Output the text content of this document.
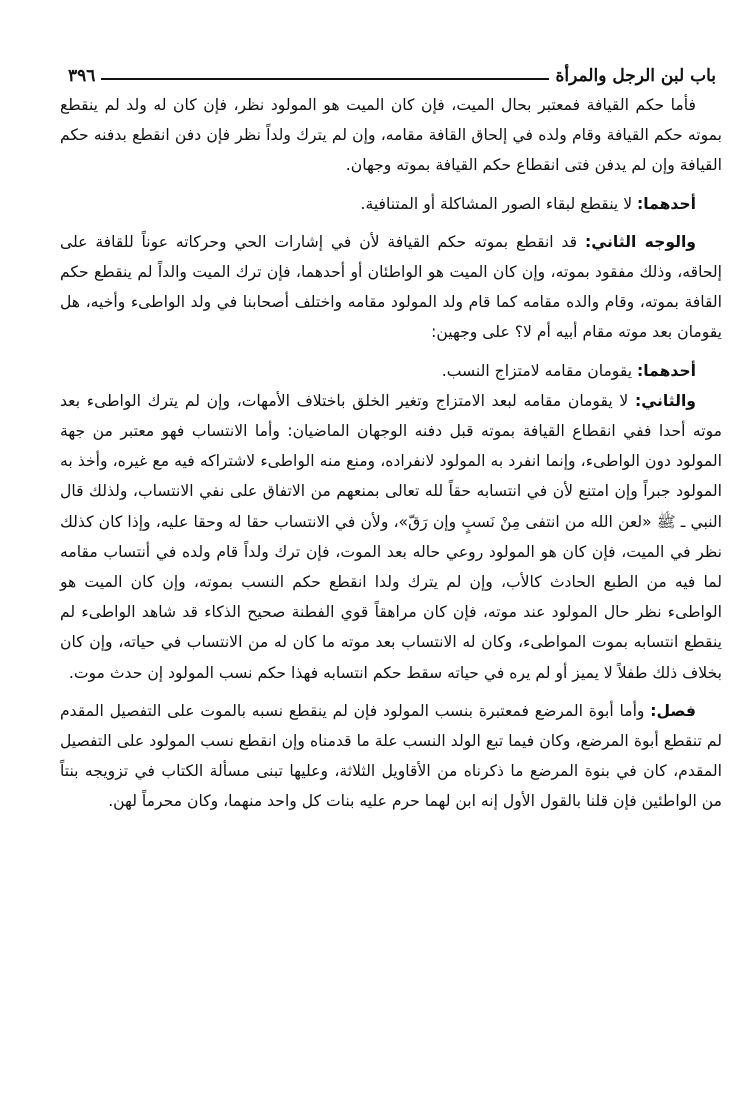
باب لبن الرجل والمرأة
٣٩٦

فأما حكم القيافة فمعتبر بحال الميت، فإن كان الميت هو المولود نظر، فإن كان له ولد لم ينقطع بموته حكم القيافة وقام ولده في إلحاق القافة مقامه، وإن لم يترك ولداً نظر فإن دفن انقطع بدفنه حكم القيافة وإن لم يدفن فتى انقطاع حكم القيافة بموته وجهان.

أحدهما: لا ينقطع لبقاء الصور المشاكلة أو المتنافية.

والوجه الثاني: قد انقطع بموته حكم القيافة لأن في إشارات الحي وحركاته عوناً للقافة على إلحاقه، وذلك مفقود بموته، وإن كان الميت هو الواطئان أو أحدهما، فإن ترك الميت والداً لم ينقطع حكم القافة بموته، وقام والده مقامه كما قام ولد المولود مقامه واختلف أصحابنا في ولد الواطىء وأخيه، هل يقومان بعد موته مقام أبيه أم لا؟ على وجهين:

أحدهما: يقومان مقامه لامتزاج النسب.

والثاني: لا يقومان مقامه لبعد الامتزاج وتغير الخلق باختلاف الأمهات، وإن لم يترك الواطىء بعد موته أحدا ففي انقطاع القيافة بموته قبل دفنه الوجهان الماضيان: وأما الانتساب فهو معتبر من جهة المولود دون الواطىء، وإنما انفرد به المولود لانفراده، ومنع منه الواطىء لاشتراكه فيه مع غيره، وأخذ به المولود جبراً وإن امتنع لأن في انتسابه حقاً لله تعالى بمنعهم من الاتفاق على نفي الانتساب، ولذلك قال النبي ـ ﷺ «لعن الله من انتفى مِنْ نَسبٍ وإن رَقّ»، ولأن في الانتساب حقا له وحقا عليه، وإذا كان كذلك نظر في الميت، فإن كان هو المولود روعي حاله بعد الموت، فإن ترك ولداً قام ولده في أنتساب مقامه لما فيه من الطبع الحادث كالأب، وإن لم يترك ولدا انقطع حكم النسب بموته، وإن كان الميت هو الواطىء نظر حال المولود عند موته، فإن كان مراهقاً قوي الفطنة صحيح الذكاء قد شاهد الواطىء لم ينقطع انتسابه بموت المواطىء، وكان له الانتساب بعد موته ما كان له من الانتساب في حياته، وإن كان بخلاف ذلك طفلاً لا يميز أو لم يره في حياته سقط حكم انتسابه فهذا حكم نسب المولود إن حدث موت.

فصل: وأما أبوة المرضع فمعتبرة بنسب المولود فإن لم ينقطع نسبه بالموت على التفصيل المقدم لم تنقطع أبوة المرضع، وكان فيما تبع الولد النسب علة ما قدمناه وإن انقطع نسب المولود على التفصيل المقدم، كان في بنوة المرضع ما ذكرناه من الأقاويل الثلاثة، وعليها تبنى مسألة الكتاب في تزويجه بنتاً من الواطئين فإن قلنا بالقول الأول إنه ابن لهما حرم عليه بنات كل واحد منهما، وكان محرماً لهن.
